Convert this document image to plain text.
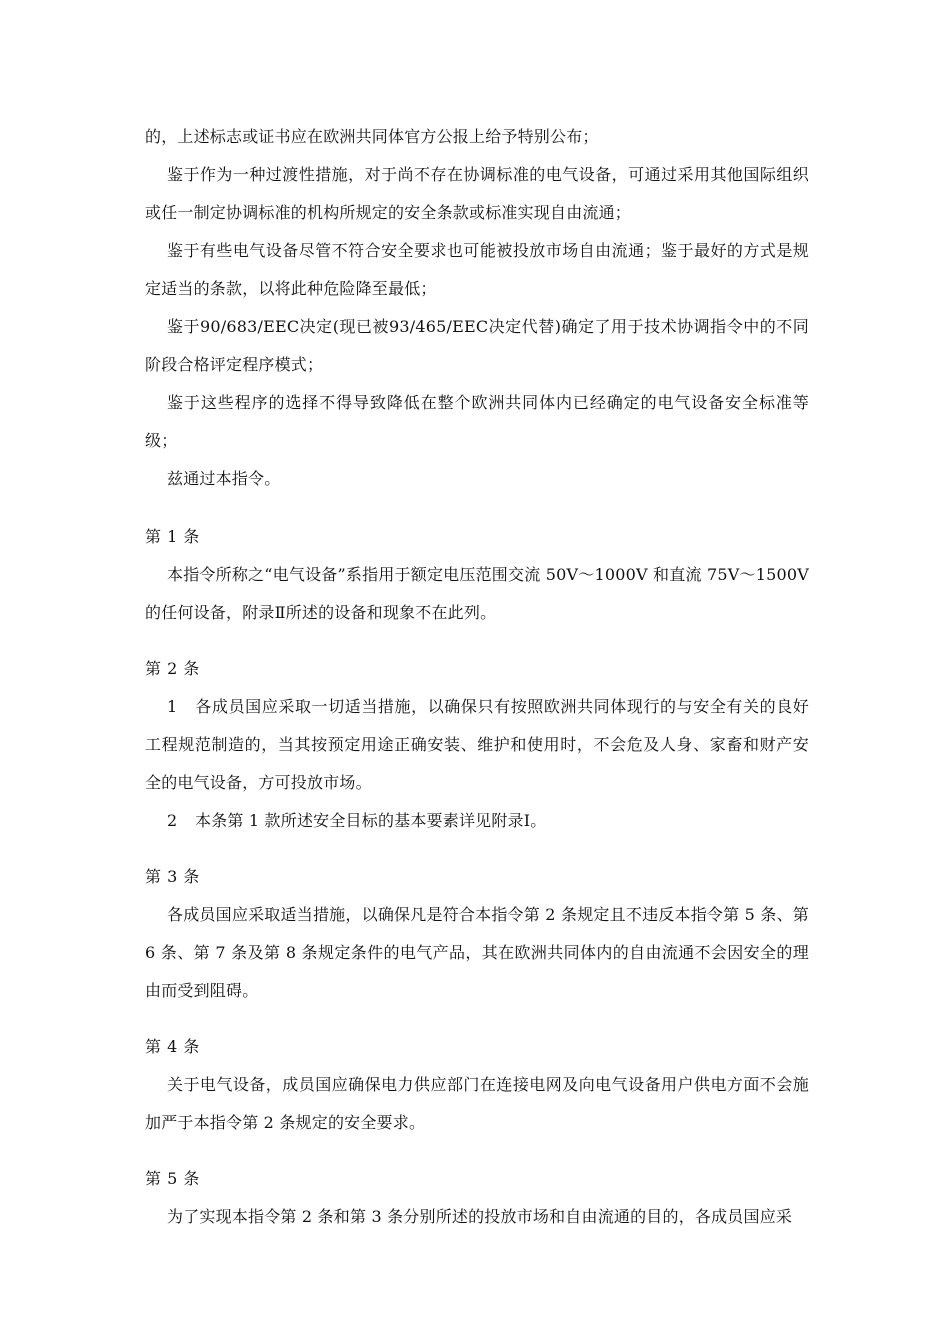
的，上述标志或证书应在欧洲共同体官方公报上给予特别公布；

鉴于作为一种过渡性措施，对于尚不存在协调标准的电气设备，可通过采用其他国际组织或任一制定协调标准的机构所规定的安全条款或标准实现自由流通；

鉴于有些电气设备尽管不符合安全要求也可能被投放市场自由流通；鉴于最好的方式是规定适当的条款，以将此种危险降至最低；

鉴于90/683/EEC决定(现已被93/465/EEC决定代替)确定了用于技术协调指令中的不同阶段合格评定程序模式；

鉴于这些程序的选择不得导致降低在整个欧洲共同体内已经确定的电气设备安全标准等级；

兹通过本指令。

第 1 条

本指令所称之“电气设备”系指用于额定电压范围交流 50V～1000V 和直流 75V～1500V 的任何设备，附录Ⅱ所述的设备和现象不在此列。

第 2 条

1 各成员国应采取一切适当措施，以确保只有按照欧洲共同体现行的与安全有关的良好工程规范制造的，当其按预定用途正确安装、维护和使用时，不会危及人身、家畜和财产安全的电气设备，方可投放市场。

2 本条第 1 款所述安全目标的基本要素详见附录Ⅰ。

第 3 条

各成员国应采取适当措施，以确保凡是符合本指令第 2 条规定且不违反本指令第 5 条、第 6 条、第 7 条及第 8 条规定条件的电气产品，其在欧洲共同体内的自由流通不会因安全的理由而受到阻碍。

第 4 条

关于电气设备，成员国应确保电力供应部门在连接电网及向电气设备用户供电方面不会施加严于本指令第 2 条规定的安全要求。

第 5 条

为了实现本指令第 2 条和第 3 条分别所述的投放市场和自由流通的目的，各成员国应采
